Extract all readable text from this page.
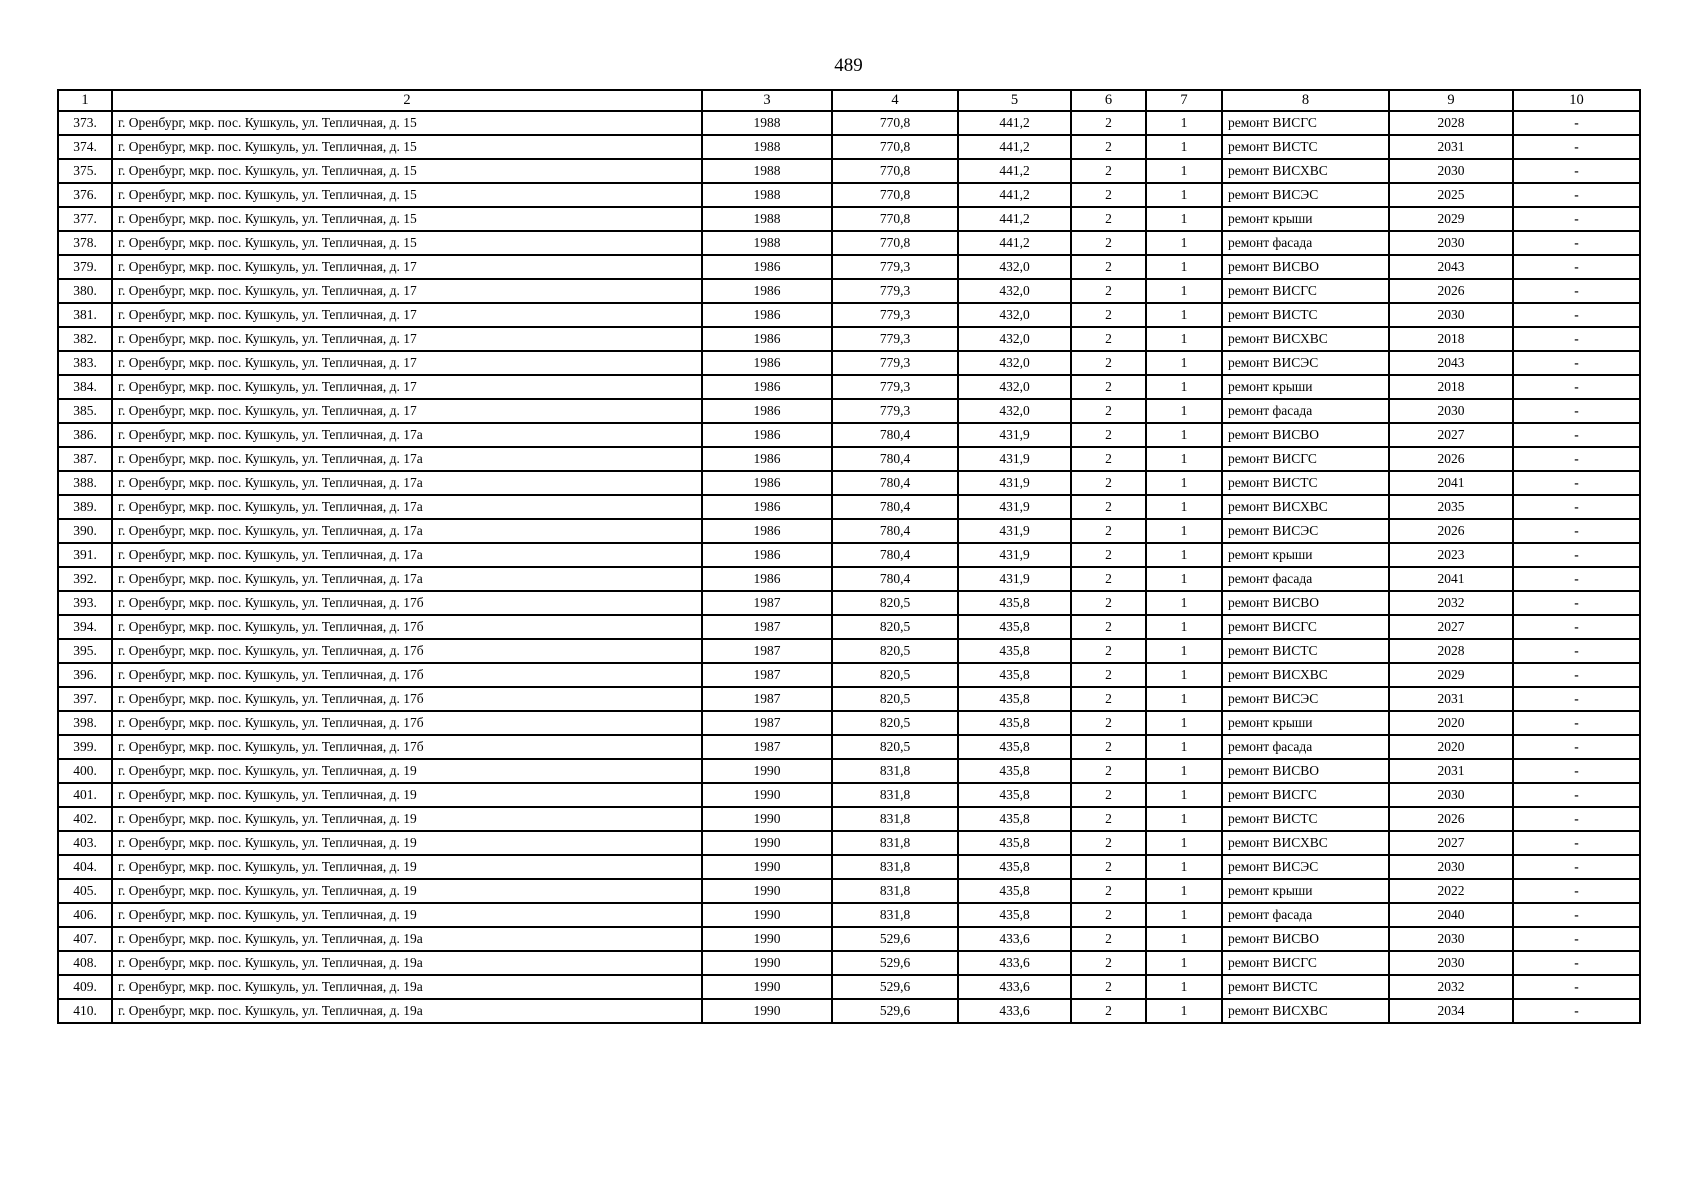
489
1	2	3	4	5	6	7	8	9	10
373.	г. Оренбург, мкр. пос. Кушкуль, ул. Тепличная, д. 15	1988	770,8	441,2	2	1	ремонт ВИСГС	2028	-
374.	г. Оренбург, мкр. пос. Кушкуль, ул. Тепличная, д. 15	1988	770,8	441,2	2	1	ремонт ВИСТС	2031	-
375.	г. Оренбург, мкр. пос. Кушкуль, ул. Тепличная, д. 15	1988	770,8	441,2	2	1	ремонт ВИСХВС	2030	-
376.	г. Оренбург, мкр. пос. Кушкуль, ул. Тепличная, д. 15	1988	770,8	441,2	2	1	ремонт ВИСЭС	2025	-
377.	г. Оренбург, мкр. пос. Кушкуль, ул. Тепличная, д. 15	1988	770,8	441,2	2	1	ремонт крыши	2029	-
378.	г. Оренбург, мкр. пос. Кушкуль, ул. Тепличная, д. 15	1988	770,8	441,2	2	1	ремонт фасада	2030	-
379.	г. Оренбург, мкр. пос. Кушкуль, ул. Тепличная, д. 17	1986	779,3	432,0	2	1	ремонт ВИСВО	2043	-
380.	г. Оренбург, мкр. пос. Кушкуль, ул. Тепличная, д. 17	1986	779,3	432,0	2	1	ремонт ВИСГС	2026	-
381.	г. Оренбург, мкр. пос. Кушкуль, ул. Тепличная, д. 17	1986	779,3	432,0	2	1	ремонт ВИСТС	2030	-
382.	г. Оренбург, мкр. пос. Кушкуль, ул. Тепличная, д. 17	1986	779,3	432,0	2	1	ремонт ВИСХВС	2018	-
383.	г. Оренбург, мкр. пос. Кушкуль, ул. Тепличная, д. 17	1986	779,3	432,0	2	1	ремонт ВИСЭС	2043	-
384.	г. Оренбург, мкр. пос. Кушкуль, ул. Тепличная, д. 17	1986	779,3	432,0	2	1	ремонт крыши	2018	-
385.	г. Оренбург, мкр. пос. Кушкуль, ул. Тепличная, д. 17	1986	779,3	432,0	2	1	ремонт фасада	2030	-
386.	г. Оренбург, мкр. пос. Кушкуль, ул. Тепличная, д. 17а	1986	780,4	431,9	2	1	ремонт ВИСВО	2027	-
387.	г. Оренбург, мкр. пос. Кушкуль, ул. Тепличная, д. 17а	1986	780,4	431,9	2	1	ремонт ВИСГС	2026	-
388.	г. Оренбург, мкр. пос. Кушкуль, ул. Тепличная, д. 17а	1986	780,4	431,9	2	1	ремонт ВИСТС	2041	-
389.	г. Оренбург, мкр. пос. Кушкуль, ул. Тепличная, д. 17а	1986	780,4	431,9	2	1	ремонт ВИСХВС	2035	-
390.	г. Оренбург, мкр. пос. Кушкуль, ул. Тепличная, д. 17а	1986	780,4	431,9	2	1	ремонт ВИСЭС	2026	-
391.	г. Оренбург, мкр. пос. Кушкуль, ул. Тепличная, д. 17а	1986	780,4	431,9	2	1	ремонт крыши	2023	-
392.	г. Оренбург, мкр. пос. Кушкуль, ул. Тепличная, д. 17а	1986	780,4	431,9	2	1	ремонт фасада	2041	-
393.	г. Оренбург, мкр. пос. Кушкуль, ул. Тепличная, д. 17б	1987	820,5	435,8	2	1	ремонт ВИСВО	2032	-
394.	г. Оренбург, мкр. пос. Кушкуль, ул. Тепличная, д. 17б	1987	820,5	435,8	2	1	ремонт ВИСГС	2027	-
395.	г. Оренбург, мкр. пос. Кушкуль, ул. Тепличная, д. 17б	1987	820,5	435,8	2	1	ремонт ВИСТС	2028	-
396.	г. Оренбург, мкр. пос. Кушкуль, ул. Тепличная, д. 17б	1987	820,5	435,8	2	1	ремонт ВИСХВС	2029	-
397.	г. Оренбург, мкр. пос. Кушкуль, ул. Тепличная, д. 17б	1987	820,5	435,8	2	1	ремонт ВИСЭС	2031	-
398.	г. Оренбург, мкр. пос. Кушкуль, ул. Тепличная, д. 17б	1987	820,5	435,8	2	1	ремонт крыши	2020	-
399.	г. Оренбург, мкр. пос. Кушкуль, ул. Тепличная, д. 17б	1987	820,5	435,8	2	1	ремонт фасада	2020	-
400.	г. Оренбург, мкр. пос. Кушкуль, ул. Тепличная, д. 19	1990	831,8	435,8	2	1	ремонт ВИСВО	2031	-
401.	г. Оренбург, мкр. пос. Кушкуль, ул. Тепличная, д. 19	1990	831,8	435,8	2	1	ремонт ВИСГС	2030	-
402.	г. Оренбург, мкр. пос. Кушкуль, ул. Тепличная, д. 19	1990	831,8	435,8	2	1	ремонт ВИСТС	2026	-
403.	г. Оренбург, мкр. пос. Кушкуль, ул. Тепличная, д. 19	1990	831,8	435,8	2	1	ремонт ВИСХВС	2027	-
404.	г. Оренбург, мкр. пос. Кушкуль, ул. Тепличная, д. 19	1990	831,8	435,8	2	1	ремонт ВИСЭС	2030	-
405.	г. Оренбург, мкр. пос. Кушкуль, ул. Тепличная, д. 19	1990	831,8	435,8	2	1	ремонт крыши	2022	-
406.	г. Оренбург, мкр. пос. Кушкуль, ул. Тепличная, д. 19	1990	831,8	435,8	2	1	ремонт фасада	2040	-
407.	г. Оренбург, мкр. пос. Кушкуль, ул. Тепличная, д. 19а	1990	529,6	433,6	2	1	ремонт ВИСВО	2030	-
408.	г. Оренбург, мкр. пос. Кушкуль, ул. Тепличная, д. 19а	1990	529,6	433,6	2	1	ремонт ВИСГС	2030	-
409.	г. Оренбург, мкр. пос. Кушкуль, ул. Тепличная, д. 19а	1990	529,6	433,6	2	1	ремонт ВИСТС	2032	-
410.	г. Оренбург, мкр. пос. Кушкуль, ул. Тепличная, д. 19а	1990	529,6	433,6	2	1	ремонт ВИСХВС	2034	-
